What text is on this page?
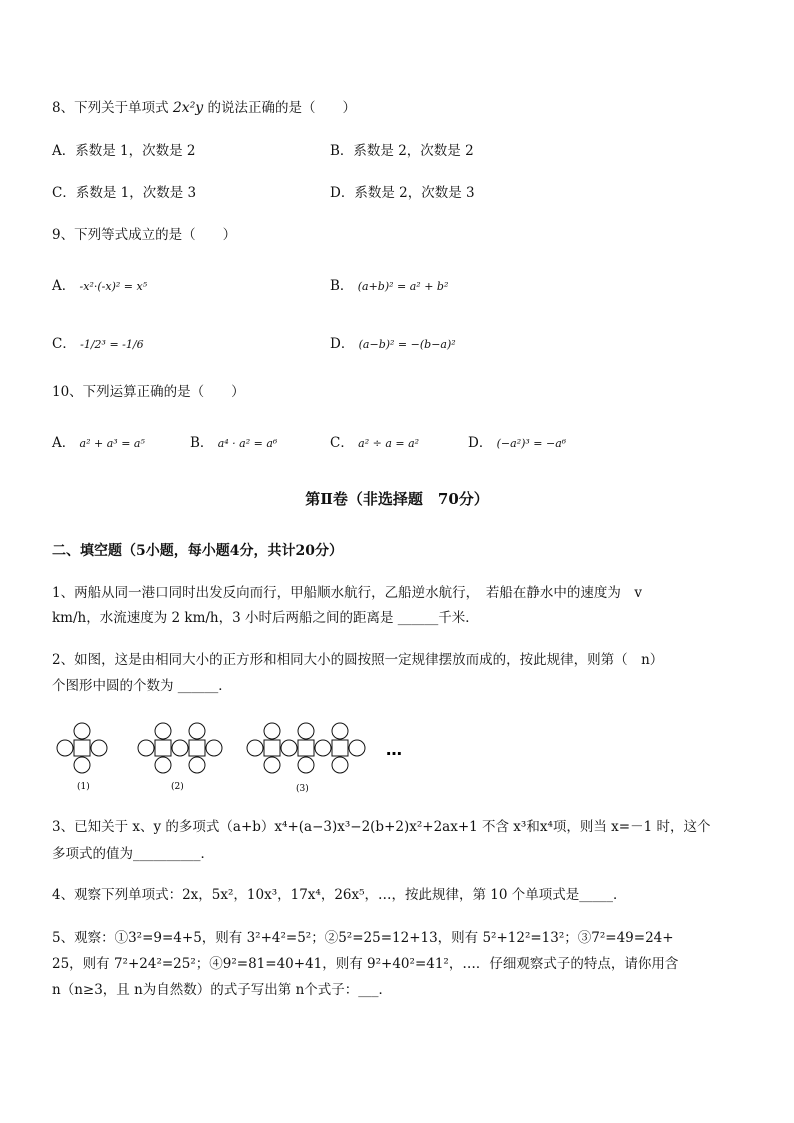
8、下列关于单项式 2x²y 的说法正确的是（　　）
A．系数是 1，次数是 2	B．系数是 2，次数是 2
C．系数是 1，次数是 3	D．系数是 2，次数是 3
9、下列等式成立的是（　　）
A． -x²·(-x)² = x⁵	B． (a+b)² = a² + b²
C． -1/2³ = -1/6	D． (a−b)² = −(b−a)²
10、下列运算正确的是（　　）
A． a² + a³ = a⁵	B． a⁴ · a² = a⁶	C． a² ÷ a = a²	D． (−a²)³ = −a⁶
第Ⅱ卷（非选择题　70分）
二、填空题（5小题，每小题4分，共计20分）
1、两船从同一港口同时出发反向而行，甲船顺水航行，乙船逆水航行，　若船在静水中的速度为　v
km/h，水流速度为 2 km/h，3 小时后两船之间的距离是 ______千米．
2、如图，这是由相同大小的正方形和相同大小的圆按照一定规律摆放而成的，按此规律，则第（　n）
个图形中圆的个数为 ______．
(1)	(2)	(3)
…
3、已知关于 x、y 的多项式（a+b）x⁴+(a−3)x³−2(b+2)x²+2ax+1 不含 x³和x⁴项，则当 x=－1 时，这个
多项式的值为__________．
4、观察下列单项式：2x，5x²，10x³，17x⁴，26x⁵，…，按此规律，第 10 个单项式是_____．
5、观察：①3²=9=4+5，则有 3²+4²=5²；②5²=25=12+13，则有 5²+12²=13²；③7²=49=24+
25，则有 7²+24²=25²；④9²=81=40+41，则有 9²+40²=41²，…．仔细观察式子的特点，请你用含
n（n≥3，且 n为自然数）的式子写出第 n个式子：___．
